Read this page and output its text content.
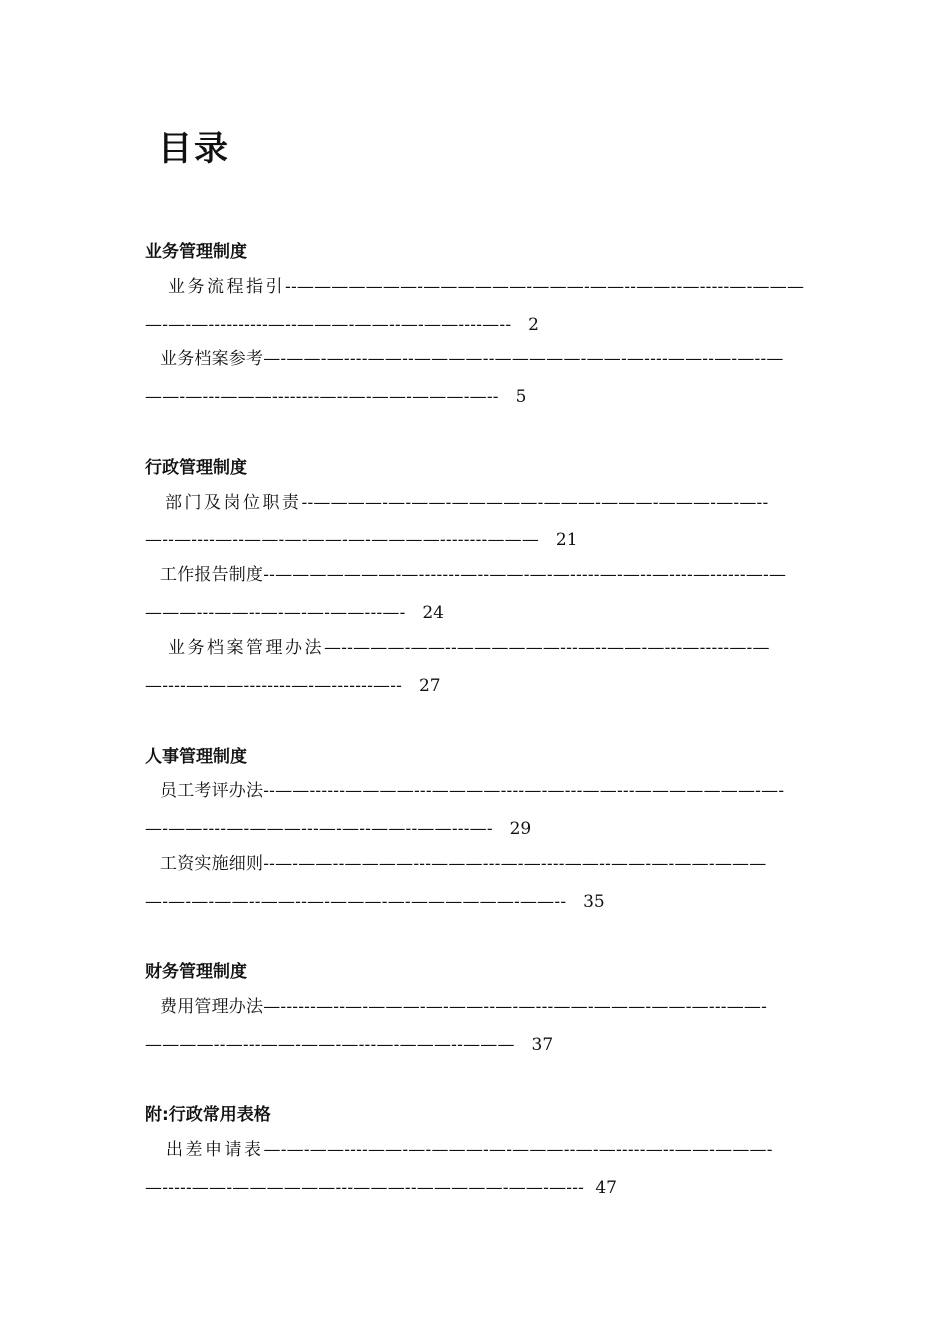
目录
业务管理制度
业务流程指引--———————-——————-———-——--——--—-----—-———
—-—-—----------—--———-——--—-——----—-- 2
业务档案参考—-——-—----——--————--—————-——-—----——--—-—--—
——-—---———--------—--—-——-———-—-- 5
行政管理制度
部门及岗位职责--————-—-——-—————-———-———-———-—-—--
—--—----—--——-—-——-—-————--------——— 21
工作报告制度--———————-—-------—--——-—-—-----—-—--—----—------—-—
———---——--—-—-—-——---—- 24
业务档案管理办法—--———-——--——————---—--——-—---—-----—-—
—----—-——--------—-—-------—-- 27
人事管理制度
员工考评办法--——------————---————----—-—---——---———————-—-
—-——----—-———---—-—--——--——---—- 29
工资实施细则--—-——--————---———---—-—----——--——-—-——-———
—-—-—-——--——--—-———-—-——————-——-- 35
财务管理制度
费用管理办法—------—--—-———-—-——--—-—---——-———-——-—---——-
————--—---——-——-—---—-———--——— 37
附:行政常用表格
出差申请表—-—-——----——-—-———-—-———--—-—-----—--——-———-
—-----——-——————---———--—————-——-—--- 47
